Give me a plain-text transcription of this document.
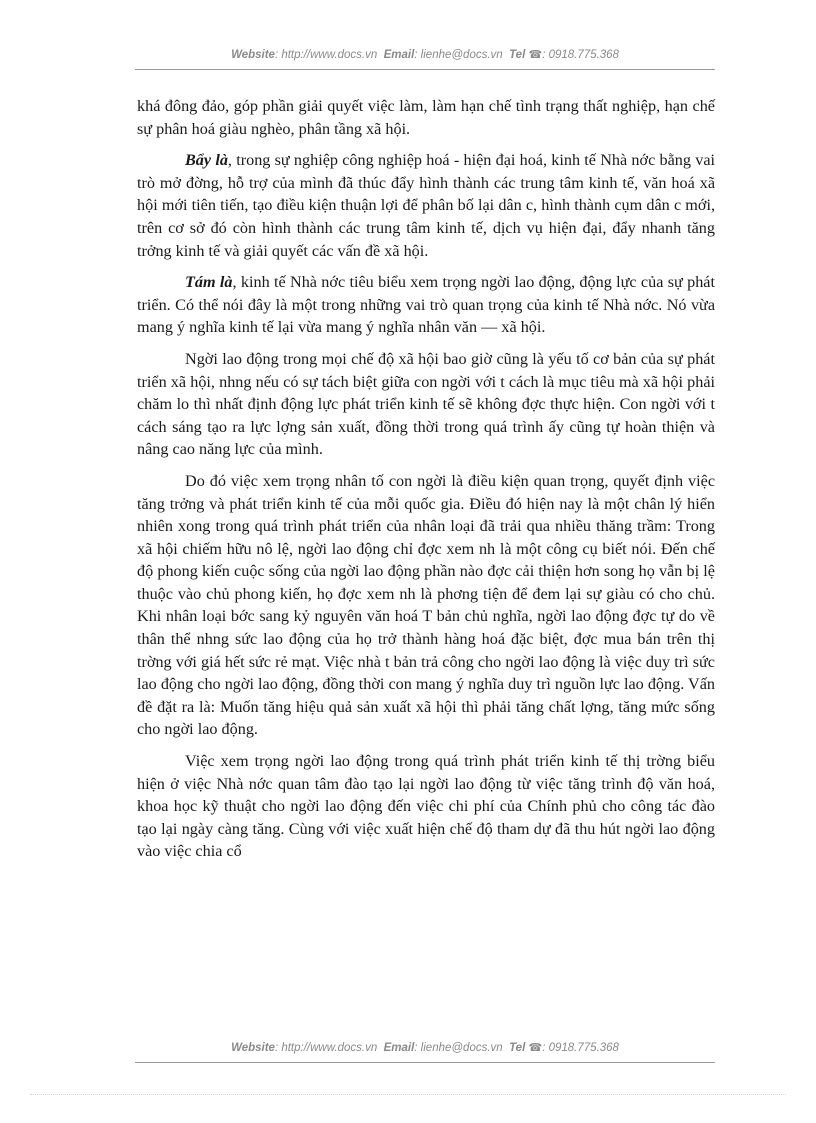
Website: http://www.docs.vn Email: lienhe@docs.vn Tel ☎: 0918.775.368

khá đông đảo, góp phần giải quyết việc làm, làm hạn chế tình trạng thất nghiệp, hạn chế sự phân hoá giàu nghèo, phân tầng xã hội.

Bẩy là, trong sự nghiệp công nghiệp hoá - hiện đại hoá, kinh tế Nhà nớc bằng vai trò mở đờng, hỗ trợ của mình đã thúc đẩy hình thành các trung tâm kinh tế, văn hoá xã hội mới tiên tiến, tạo điều kiện thuận lợi để phân bố lại dân c, hình thành cụm dân c mới, trên cơ sở đó còn hình thành các trung tâm kinh tế, dịch vụ hiện đại, đẩy nhanh tăng trởng kinh tế và giải quyết các vấn đề xã hội.

Tám là, kinh tế Nhà nớc tiêu biểu xem trọng ngời lao động, động lực của sự phát triển. Có thể nói đây là một trong những vai trò quan trọng của kinh tế Nhà nớc. Nó vừa mang ý nghĩa kinh tế lại vừa mang ý nghĩa nhân văn — xã hội.

Ngời lao động trong mọi chế độ xã hội bao giờ cũng là yếu tố cơ bản của sự phát triển xã hội, nhng nếu có sự tách biệt giữa con ngời với t cách là mục tiêu mà xã hội phải chăm lo thì nhất định động lực phát triển kinh tế sẽ không đợc thực hiện. Con ngời với t cách sáng tạo ra lực lợng sản xuất, đồng thời trong quá trình ấy cũng tự hoàn thiện và nâng cao năng lực của mình.

Do đó việc xem trọng nhân tố con ngời là điều kiện quan trọng, quyết định việc tăng trởng và phát triển kinh tế của mỗi quốc gia. Điều đó hiện nay là một chân lý hiển nhiên xong trong quá trình phát triển của nhân loại đã trải qua nhiều thăng trầm: Trong xã hội chiếm hữu nô lệ, ngời lao động chỉ đợc xem nh là một công cụ biết nói. Đến chế độ phong kiến cuộc sống của ngời lao động phần nào đợc cải thiện hơn song họ vẫn bị lệ thuộc vào chủ phong kiến, họ đợc xem nh là phơng tiện để đem lại sự giàu có cho chủ. Khi nhân loại bớc sang kỷ nguyên văn hoá T bản chủ nghĩa, ngời lao động đợc tự do về thân thể nhng sức lao động của họ trở thành hàng hoá đặc biệt, đợc mua bán trên thị trờng với giá hết sức rẻ mạt. Việc nhà t bản trả công cho ngời lao động là việc duy trì sức lao động cho ngời lao động, đồng thời con mang ý nghĩa duy trì nguồn lực lao động. Vấn đề đặt ra là: Muốn tăng hiệu quả sản xuất xã hội thì phải tăng chất lợng, tăng mức sống cho ngời lao động.

Việc xem trọng ngời lao động trong quá trình phát triển kinh tế thị trờng biểu hiện ở việc Nhà nớc quan tâm đào tạo lại ngời lao động từ việc tăng trình độ văn hoá, khoa học kỹ thuật cho ngời lao động đến việc chi phí của Chính phủ cho công tác đào tạo lại ngày càng tăng. Cùng với việc xuất hiện chế độ tham dự đã thu hút ngời lao động vào việc chia cổ

Website: http://www.docs.vn Email: lienhe@docs.vn Tel ☎: 0918.775.368
